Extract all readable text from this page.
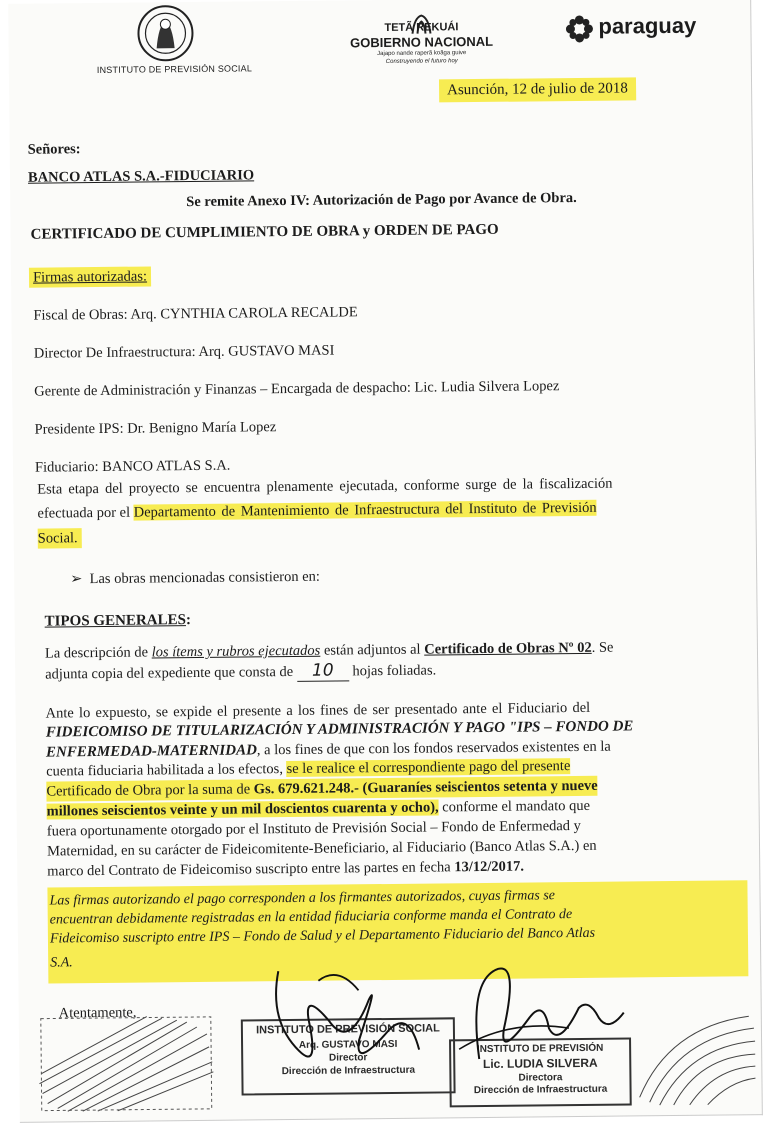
INSTITUTO DE PREVISIÓN SOCIAL
TETÃ REKUÁI
GOBIERNO NACIONAL
Jajapo nande raperã koãga guive
Construyendo el futuro hoy
paraguay
Asunción, 12 de julio de 2018
Señores:
BANCO ATLAS S.A.-FIDUCIARIO
Se remite Anexo IV: Autorización de Pago por Avance de Obra.
CERTIFICADO DE CUMPLIMIENTO DE OBRA y ORDEN DE PAGO
Firmas autorizadas:
Fiscal de Obras: Arq. CYNTHIA CAROLA RECALDE
Director De Infraestructura: Arq. GUSTAVO MASI
Gerente de Administración y Finanzas – Encargada de despacho: Lic. Ludia Silvera Lopez
Presidente IPS: Dr. Benigno María Lopez
Fiduciario: BANCO ATLAS S.A.
Esta etapa del proyecto se encuentra plenamente ejecutada, conforme surge de la fiscalización
efectuada por el Departamento de Mantenimiento de Infraestructura del Instituto de Previsión
Social.
➢  Las obras mencionadas consistieron en:
TIPOS GENERALES:
La descripción de los ítems y rubros ejecutados están adjuntos al Certificado de Obras Nº 02. Se
adjunta copia del expediente que consta de 10 hojas foliadas.
Ante lo expuesto, se expide el presente a los fines de ser presentado ante el Fiduciario del
FIDEICOMISO DE TITULARIZACIÓN Y ADMINISTRACIÓN Y PAGO "IPS – FONDO DE
ENFERMEDAD-MATERNIDAD, a los fines de que con los fondos reservados existentes en la
cuenta fiduciaria habilitada a los efectos, se le realice el correspondiente pago del presente
Certificado de Obra por la suma de Gs. 679.621.248.- (Guaraníes seiscientos setenta y nueve
millones seiscientos veinte y un mil doscientos cuarenta y ocho), conforme el mandato que
fuera oportunamente otorgado por el Instituto de Previsión Social – Fondo de Enfermedad y
Maternidad, en su carácter de Fideicomitente-Beneficiario, al Fiduciario (Banco Atlas S.A.) en
marco del Contrato de Fideicomiso suscripto entre las partes en fecha 13/12/2017.
Las firmas autorizando el pago corresponden a los firmantes autorizados, cuyas firmas se
encuentran debidamente registradas en la entidad fiduciaria conforme manda el Contrato de
Fideicomiso suscripto entre IPS – Fondo de Salud y el Departamento Fiduciario del Banco Atlas
S.A.
Atentamente,
INSTITUTO DE PREVISIÓN SOCIAL
Arq. GUSTAVO MASI
Director
Dirección de Infraestructura
INSTITUTO DE PREVISIÓN
Lic. LUDIA SILVERA
Directora
Dirección de Infraestructura
